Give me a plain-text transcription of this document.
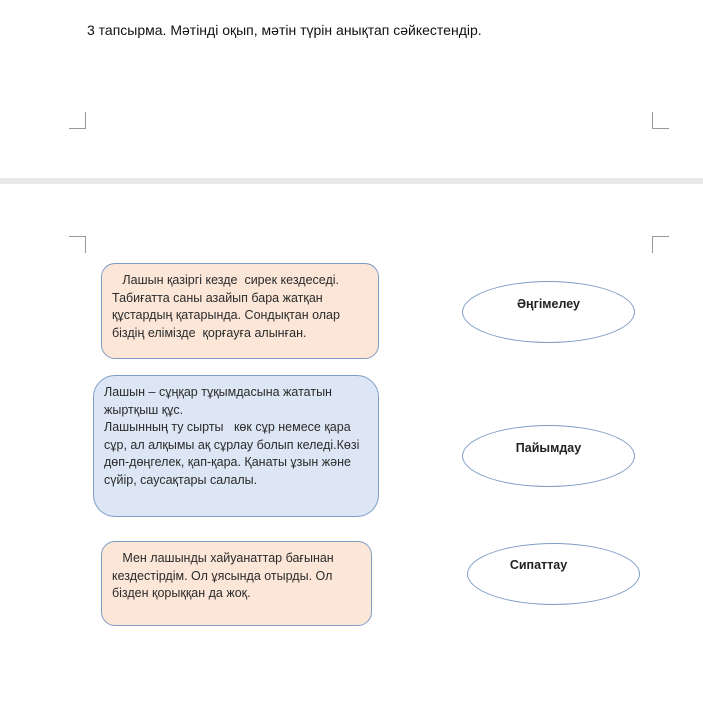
3 тапсырма. Мәтінді оқып, мәтін түрін анықтап сәйкестендір.
Лашын қазіргі кезде  сирек кездеседі. Табиғатта саны азайып бара жатқан құстардың қатарында. Сондықтан олар біздің елімізде  қорғауға алынған.
Лашын – сұңқар тұқымдасына жататын жыртқыш құс.
Лашынның ту сырты   көк сұр немесе қара сұр, ал алқымы ақ сұрлау болып келеді.Көзі дөп-дөңгелек, қап-қара. Қанаты ұзын және сүйір, саусақтары салалы.
Мен лашынды хайуанаттар бағынан кездестірдім. Ол ұясында отырды. Ол бізден қорыққан да жоқ.
Әңгімелеу
Пайымдау
Сипаттау
